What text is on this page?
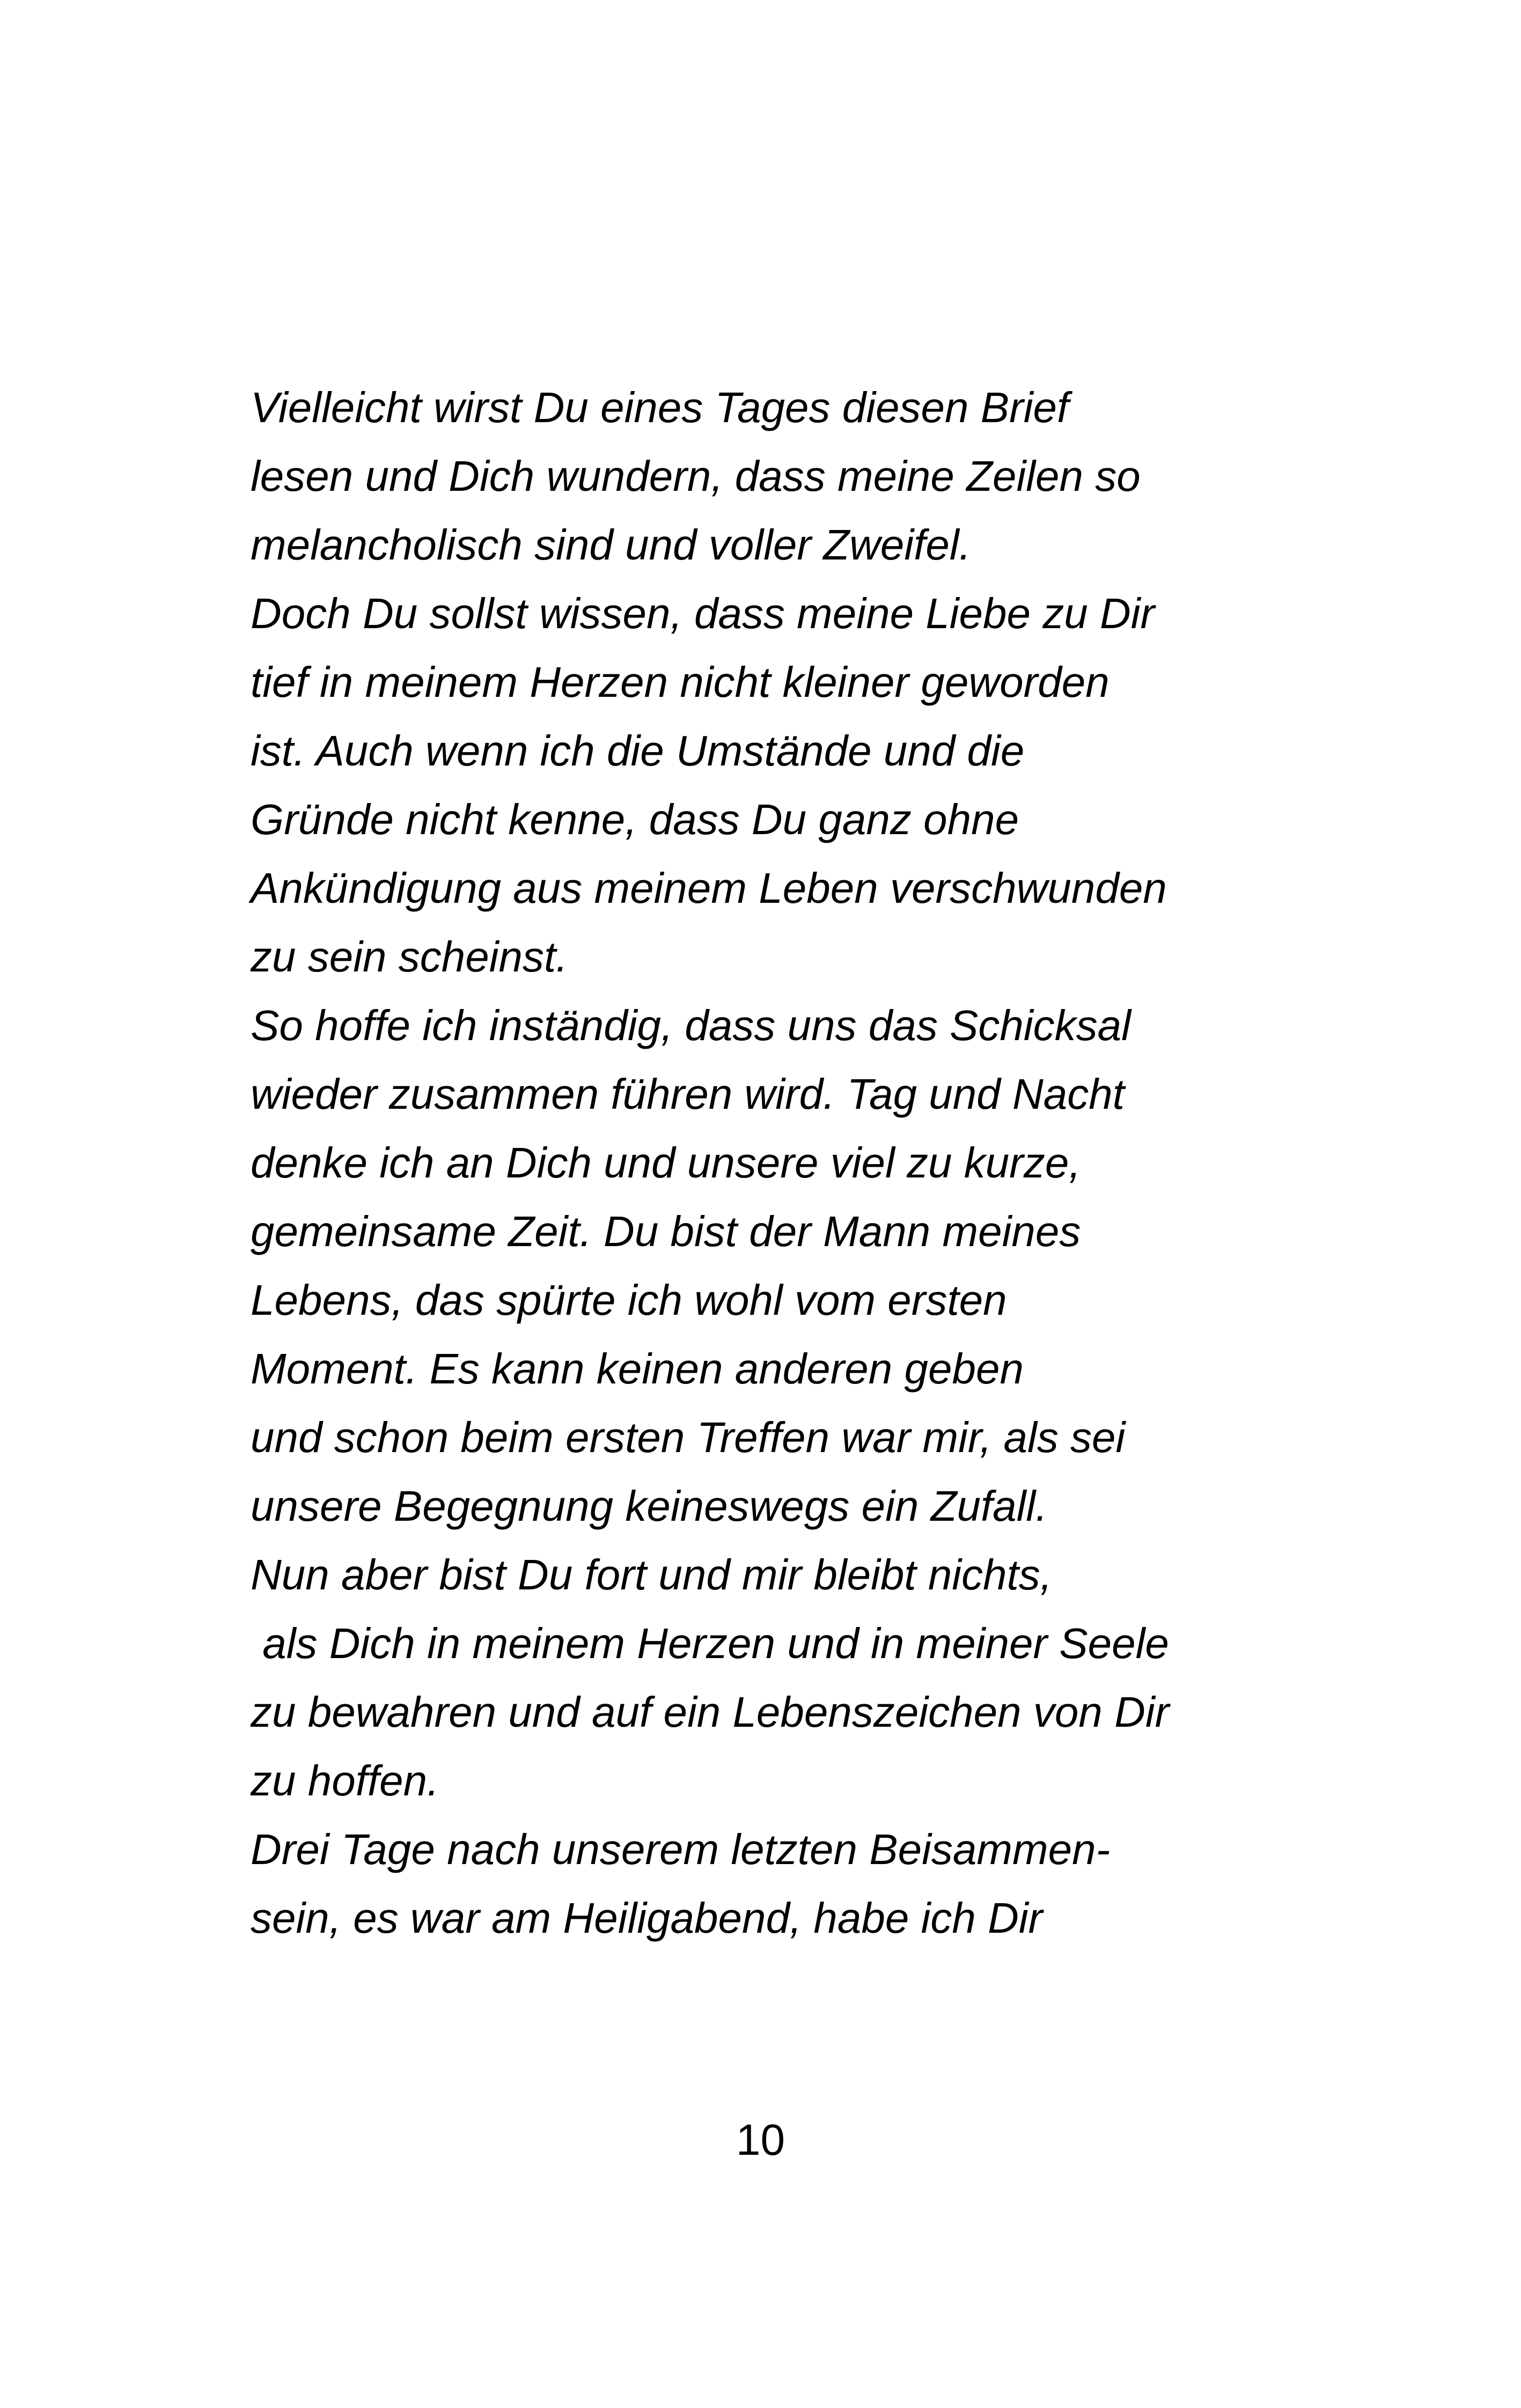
Vielleicht wirst Du eines Tages diesen Brief
lesen und Dich wundern, dass meine Zeilen so
melancholisch sind und voller Zweifel.
Doch Du sollst wissen, dass meine Liebe zu Dir
tief in meinem Herzen nicht kleiner geworden
ist. Auch wenn ich die Umstände und die
Gründe nicht kenne, dass Du ganz ohne
Ankündigung aus meinem Leben verschwunden
zu sein scheinst.
So hoffe ich inständig, dass uns das Schicksal
wieder zusammen führen wird. Tag und Nacht
denke ich an Dich und unsere viel zu kurze,
gemeinsame Zeit. Du bist der Mann meines
Lebens, das spürte ich wohl vom ersten
Moment. Es kann keinen anderen geben
und schon beim ersten Treffen war mir, als sei
unsere Begegnung keineswegs ein Zufall.
Nun aber bist Du fort und mir bleibt nichts,
als Dich in meinem Herzen und in meiner Seele
zu bewahren und auf ein Lebenszeichen von Dir
zu hoffen.
Drei Tage nach unserem letzten Beisammen-
sein, es war am Heiligabend, habe ich Dir
10
